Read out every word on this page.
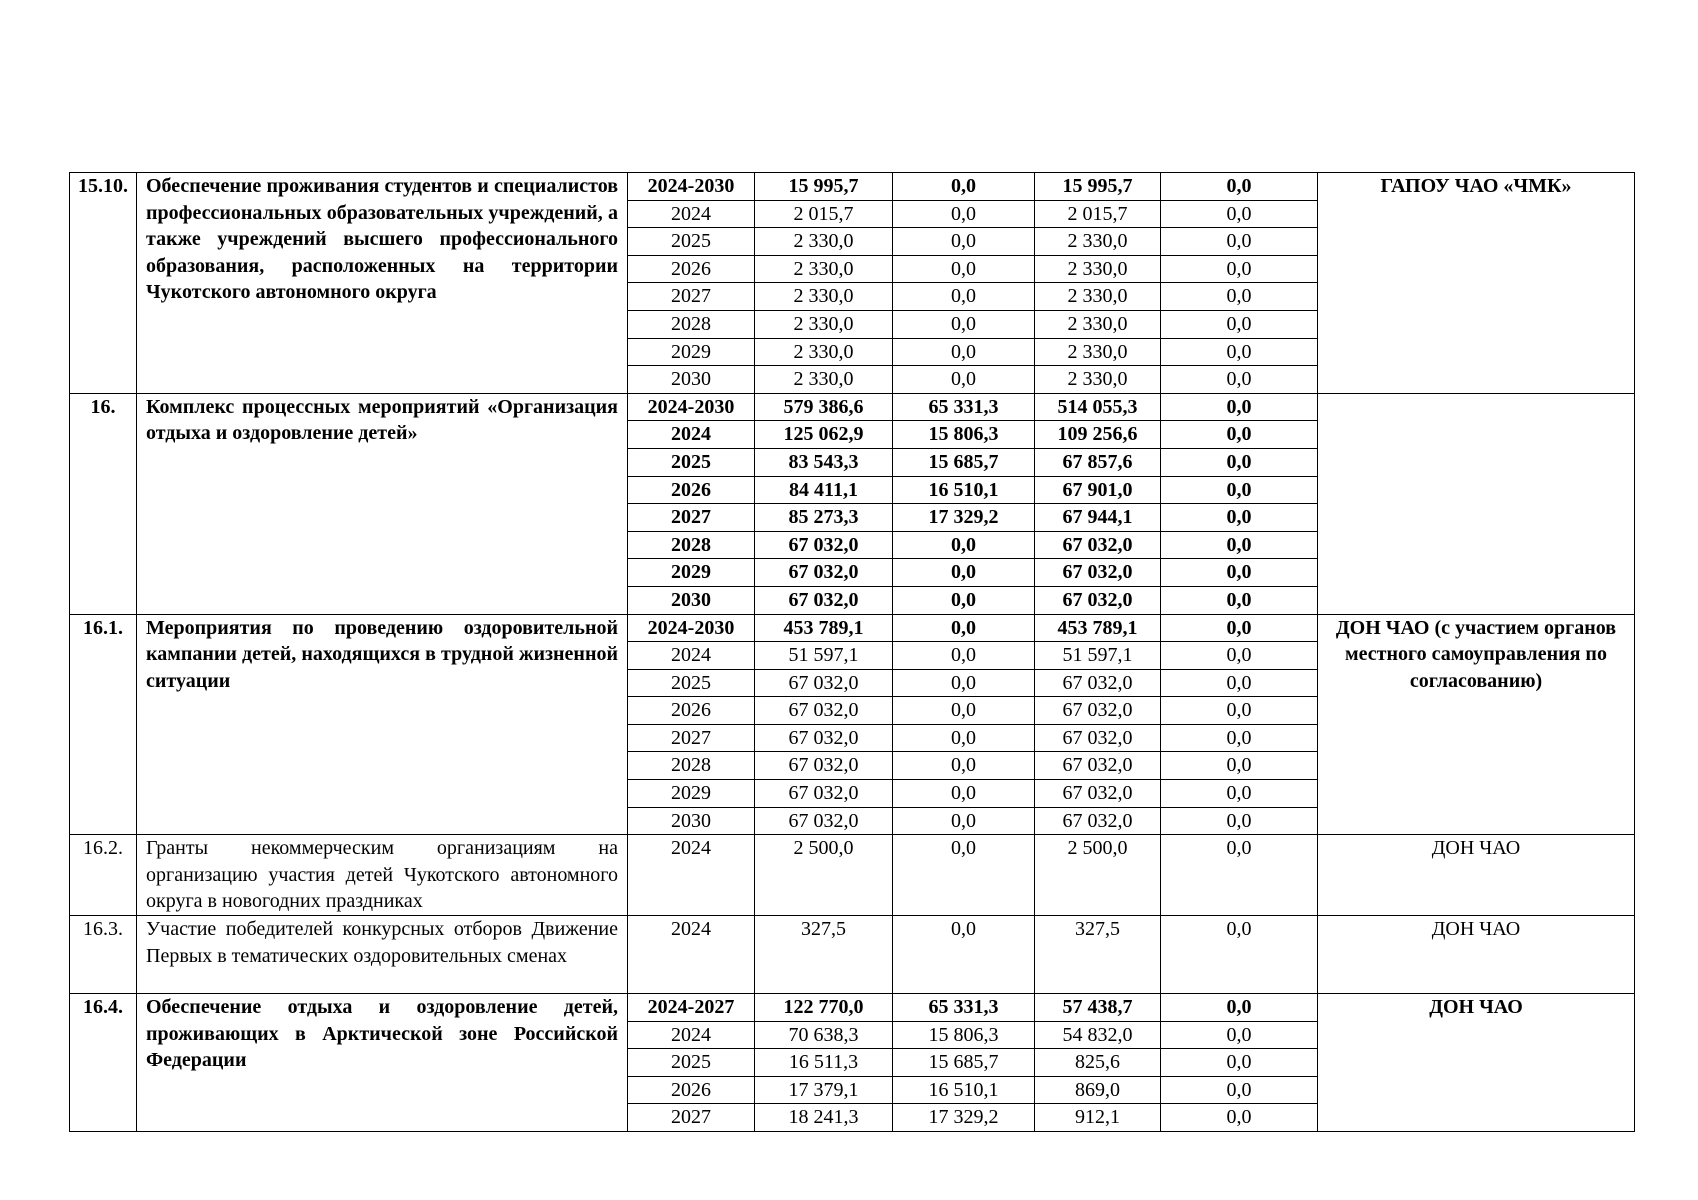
15.10.	Обеспечение проживания студентов и специалистов профессиональных образовательных учреждений, а также учреждений высшего профессионального образования, расположенных на территории Чукотского автономного округа	2024-2030	15 995,7	0,0	15 995,7	0,0	ГАПОУ ЧАО «ЧМК»
		2024	2 015,7	0,0	2 015,7	0,0	
		2025	2 330,0	0,0	2 330,0	0,0	
		2026	2 330,0	0,0	2 330,0	0,0	
		2027	2 330,0	0,0	2 330,0	0,0	
		2028	2 330,0	0,0	2 330,0	0,0	
		2029	2 330,0	0,0	2 330,0	0,0	
		2030	2 330,0	0,0	2 330,0	0,0	
16.	Комплекс процессных мероприятий «Организация отдыха и оздоровление детей»	2024-2030	579 386,6	65 331,3	514 055,3	0,0	
		2024	125 062,9	15 806,3	109 256,6	0,0	
		2025	83 543,3	15 685,7	67 857,6	0,0	
		2026	84 411,1	16 510,1	67 901,0	0,0	
		2027	85 273,3	17 329,2	67 944,1	0,0	
		2028	67 032,0	0,0	67 032,0	0,0	
		2029	67 032,0	0,0	67 032,0	0,0	
		2030	67 032,0	0,0	67 032,0	0,0	
16.1.	Мероприятия по проведению оздоровительной кампании детей, находящихся в трудной жизненной ситуации	2024-2030	453 789,1	0,0	453 789,1	0,0	ДОН ЧАО (с участием органов местного самоуправления по согласованию)
		2024	51 597,1	0,0	51 597,1	0,0	
		2025	67 032,0	0,0	67 032,0	0,0	
		2026	67 032,0	0,0	67 032,0	0,0	
		2027	67 032,0	0,0	67 032,0	0,0	
		2028	67 032,0	0,0	67 032,0	0,0	
		2029	67 032,0	0,0	67 032,0	0,0	
		2030	67 032,0	0,0	67 032,0	0,0	
16.2.	Гранты некоммерческим организациям на организацию участия детей Чукотского автономного округа в новогодних праздниках	2024	2 500,0	0,0	2 500,0	0,0	ДОН ЧАО
16.3.	Участие победителей конкурсных отборов Движение Первых в тематических оздоровительных сменах	2024	327,5	0,0	327,5	0,0	ДОН ЧАО
16.4.	Обеспечение отдыха и оздоровление детей, проживающих в Арктической зоне Российской Федерации	2024-2027	122 770,0	65 331,3	57 438,7	0,0	ДОН ЧАО
		2024	70 638,3	15 806,3	54 832,0	0,0	
		2025	16 511,3	15 685,7	825,6	0,0	
		2026	17 379,1	16 510,1	869,0	0,0	
		2027	18 241,3	17 329,2	912,1	0,0	
